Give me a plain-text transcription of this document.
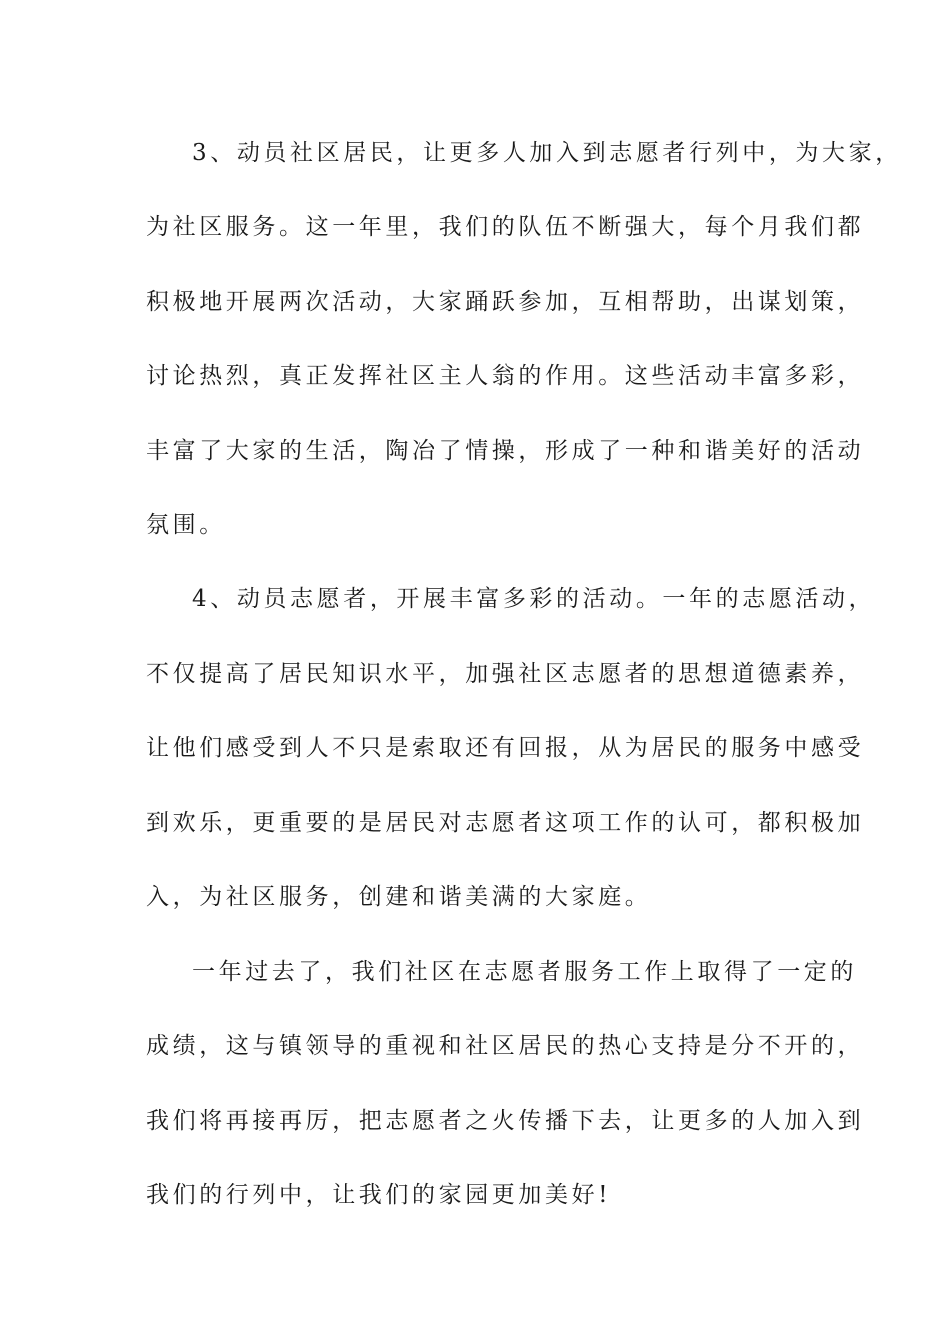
3、动员社区居民，让更多人加入到志愿者行列中，为大家，
为社区服务。这一年里，我们的队伍不断强大，每个月我们都
积极地开展两次活动，大家踊跃参加，互相帮助，出谋划策，
讨论热烈，真正发挥社区主人翁的作用。这些活动丰富多彩，
丰富了大家的生活，陶冶了情操，形成了一种和谐美好的活动
氛围。
4、动员志愿者，开展丰富多彩的活动。一年的志愿活动，
不仅提高了居民知识水平，加强社区志愿者的思想道德素养，
让他们感受到人不只是索取还有回报，从为居民的服务中感受
到欢乐，更重要的是居民对志愿者这项工作的认可，都积极加
入，为社区服务，创建和谐美满的大家庭。
一年过去了，我们社区在志愿者服务工作上取得了一定的
成绩，这与镇领导的重视和社区居民的热心支持是分不开的，
我们将再接再厉，把志愿者之火传播下去，让更多的人加入到
我们的行列中，让我们的家园更加美好!
